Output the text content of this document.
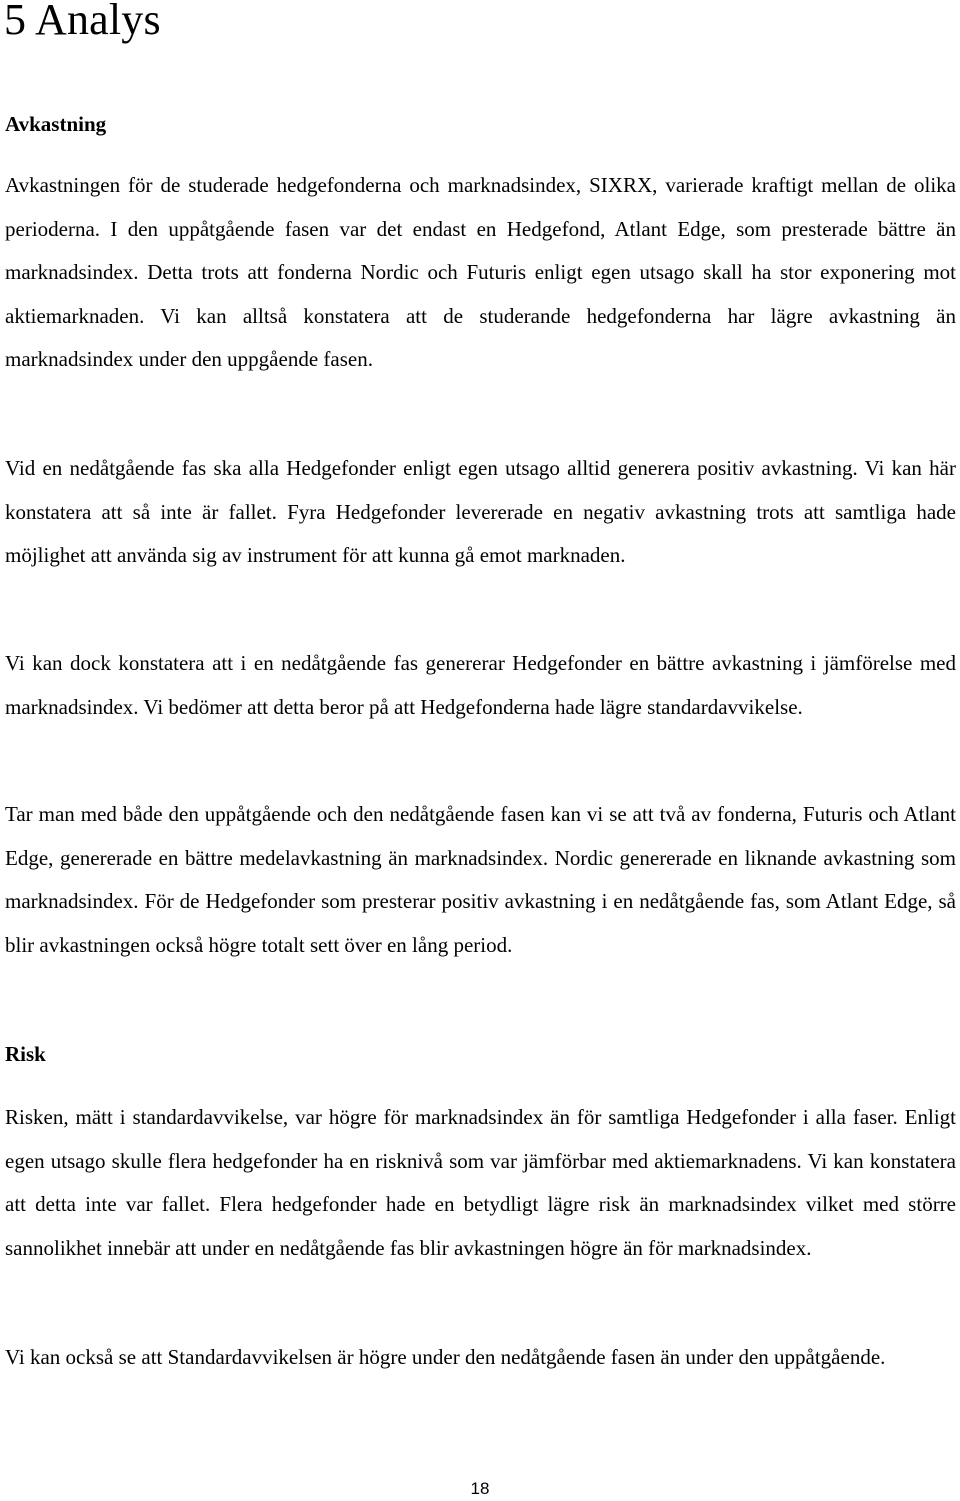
5 Analys
Avkastning

Avkastningen för de studerade hedgefonderna och marknadsindex, SIXRX, varierade kraftigt mellan de olika perioderna. I den uppåtgående fasen var det endast en Hedgefond, Atlant Edge, som presterade bättre än marknadsindex. Detta trots att fonderna Nordic och Futuris enligt egen utsago skall ha stor exponering mot aktiemarknaden. Vi kan alltså konstatera att de studerande hedgefonderna har lägre avkastning än marknadsindex under den uppgående fasen.

Vid en nedåtgående fas ska alla Hedgefonder enligt egen utsago alltid generera positiv avkastning. Vi kan här konstatera att så inte är fallet. Fyra Hedgefonder levererade en negativ avkastning trots att samtliga hade möjlighet att använda sig av instrument för att kunna gå emot marknaden.

Vi kan dock konstatera att i en nedåtgående fas genererar Hedgefonder en bättre avkastning i jämförelse med marknadsindex. Vi bedömer att detta beror på att Hedgefonderna hade lägre standardavvikelse.

Tar man med både den uppåtgående och den nedåtgående fasen kan vi se att två av fonderna, Futuris och Atlant Edge, genererade en bättre medelavkastning än marknadsindex. Nordic genererade en liknande avkastning som marknadsindex. För de Hedgefonder som presterar positiv avkastning i en nedåtgående fas, som Atlant Edge, så blir avkastningen också högre totalt sett över en lång period.

Risk

Risken, mätt i standardavvikelse, var högre för marknadsindex än för samtliga Hedgefonder i alla faser. Enligt egen utsago skulle flera hedgefonder ha en risknivå som var jämförbar med aktiemarknadens. Vi kan konstatera att detta inte var fallet. Flera hedgefonder hade en betydligt lägre risk än marknadsindex vilket med större sannolikhet innebär att under en nedåtgående fas blir avkastningen högre än för marknadsindex.

Vi kan också se att Standardavvikelsen är högre under den nedåtgående fasen än under den uppåtgående.

18
